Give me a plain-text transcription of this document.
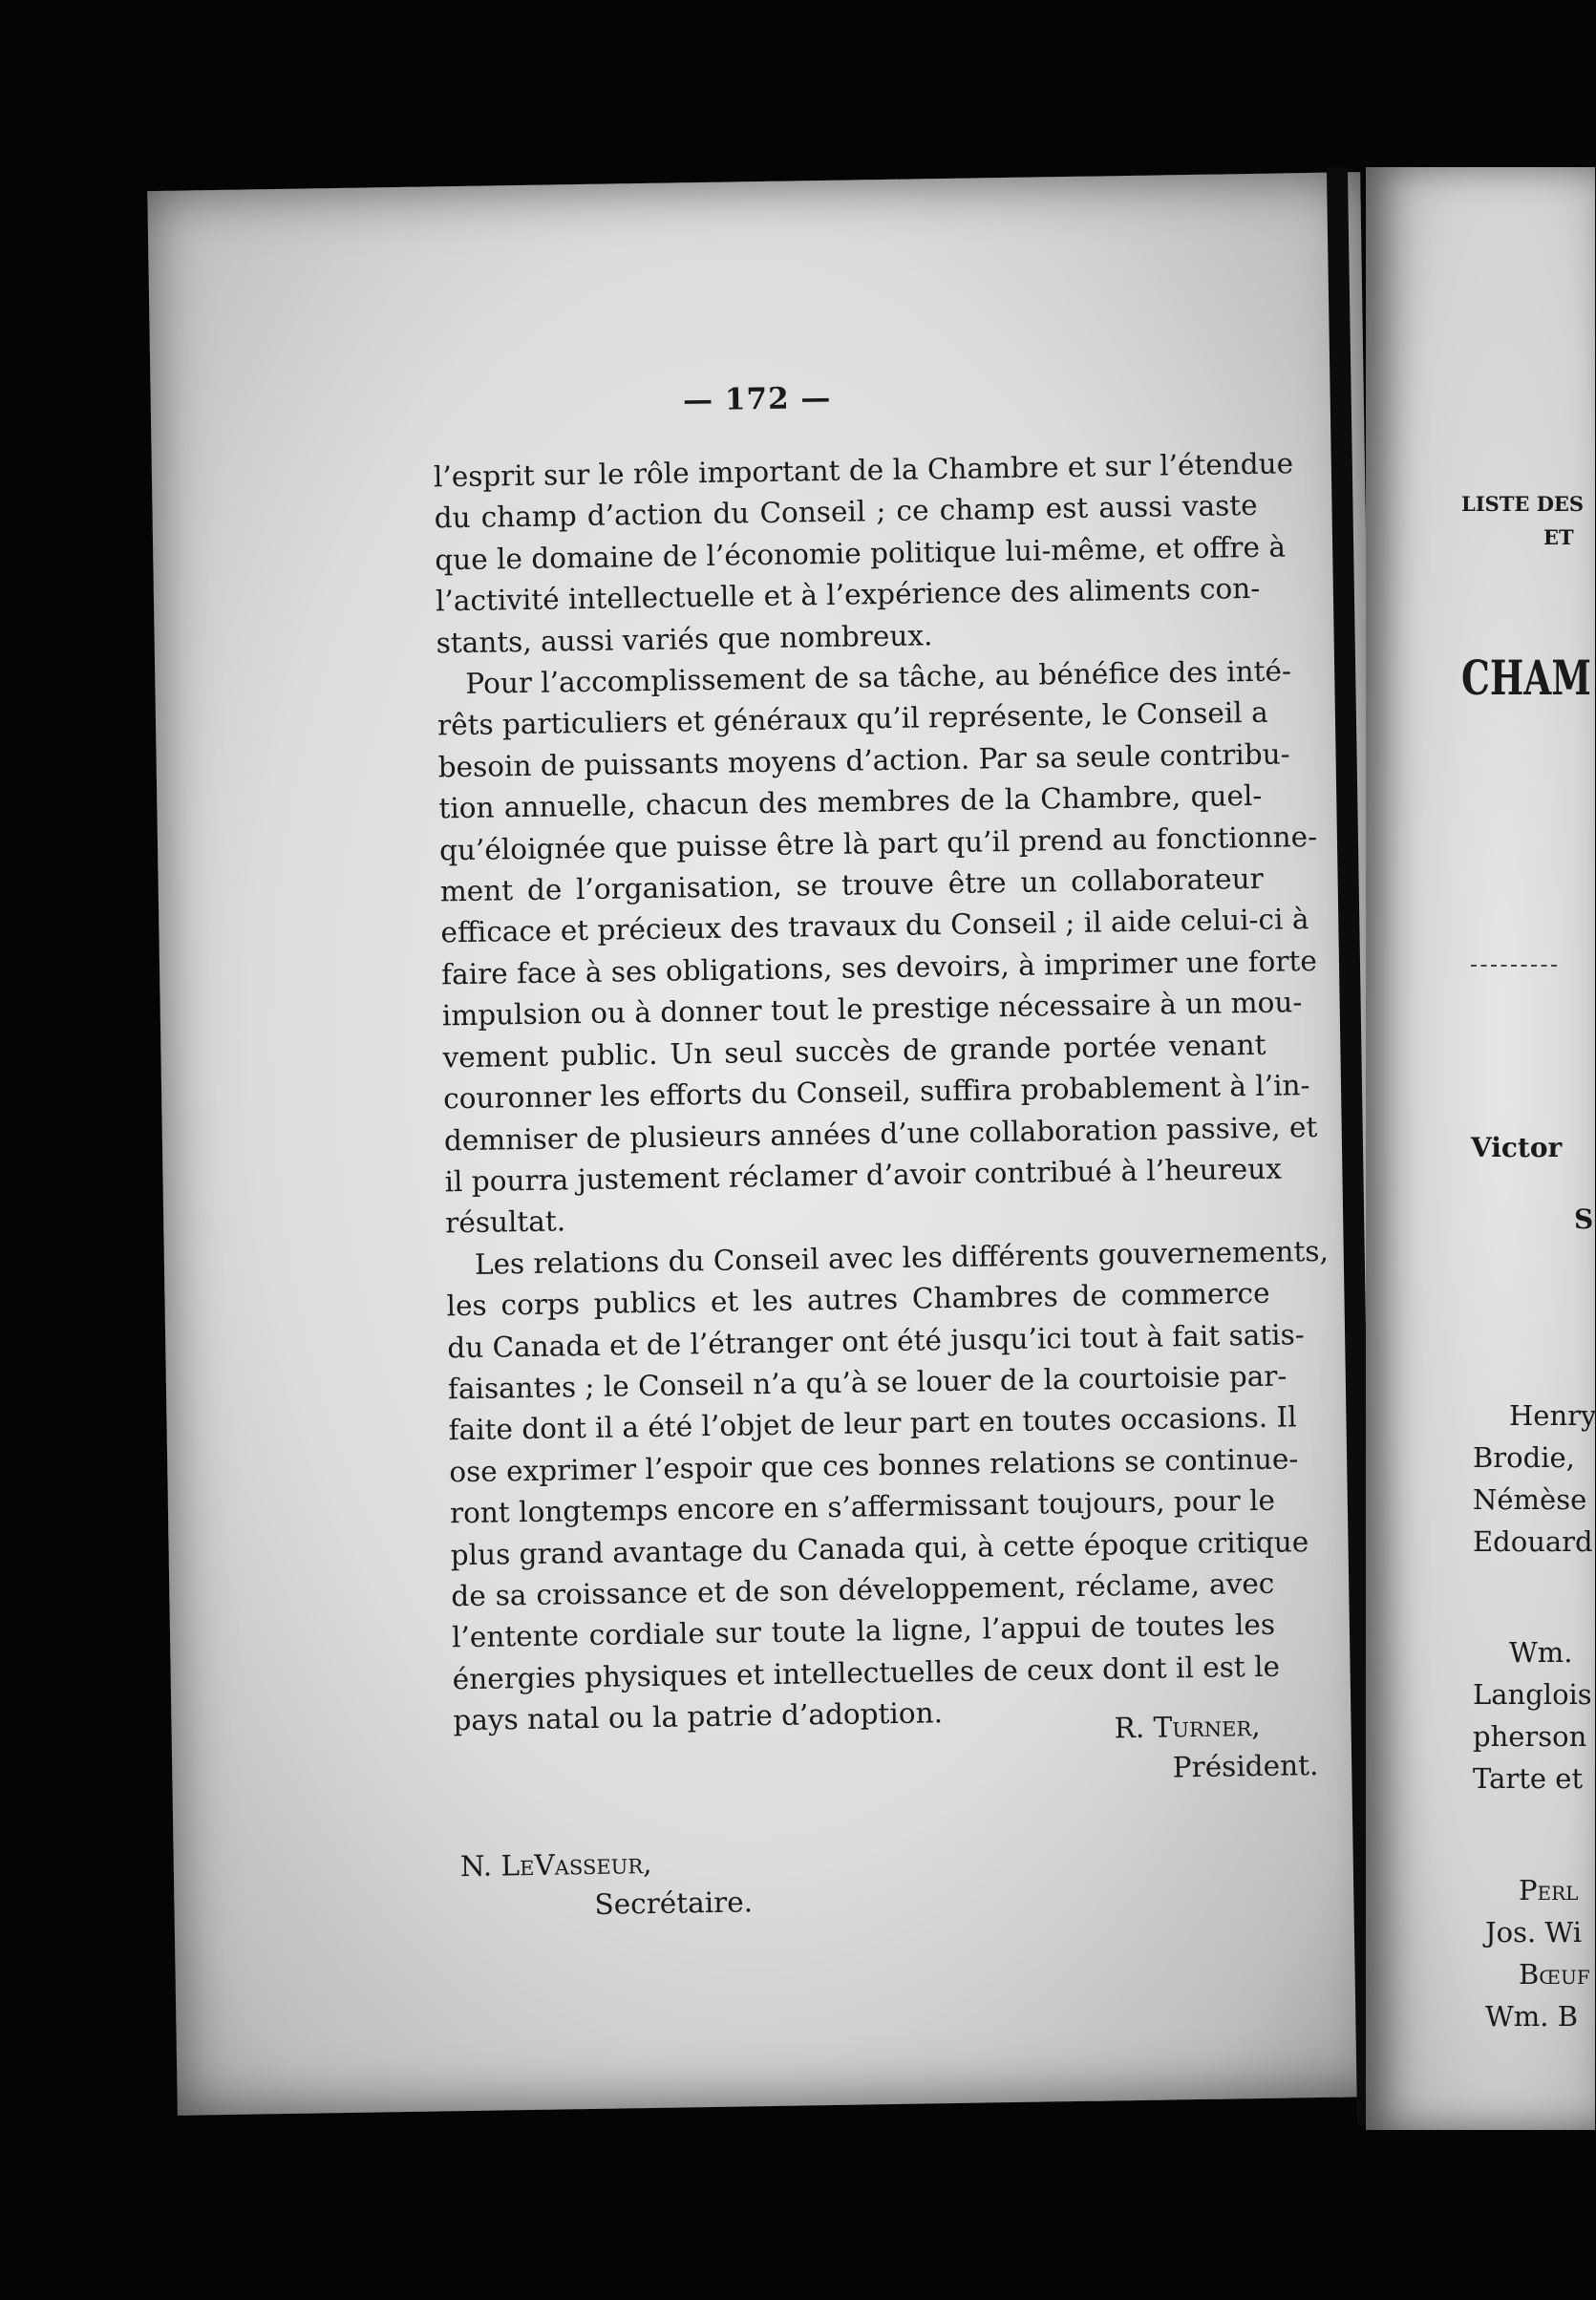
— 172 —
l’esprit sur le rôle important de la Chambre et sur l’étendue
du champ d’action du Conseil ; ce champ est aussi vaste
que le domaine de l’économie politique lui-même, et offre à
l’activité intellectuelle et à l’expérience des aliments con-
stants, aussi variés que nombreux.
Pour l’accomplissement de sa tâche, au bénéfice des inté-
rêts particuliers et généraux qu’il représente, le Conseil a
besoin de puissants moyens d’action. Par sa seule contribu-
tion annuelle, chacun des membres de la Chambre, quel-
qu’éloignée que puisse être là part qu’il prend au fonctionne-
ment de l’organisation, se trouve être un collaborateur
efficace et précieux des travaux du Conseil ; il aide celui-ci à
faire face à ses obligations, ses devoirs, à imprimer une forte
impulsion ou à donner tout le prestige nécessaire à un mou-
vement public. Un seul succès de grande portée venant
couronner les efforts du Conseil, suffira probablement à l’in-
demniser de plusieurs années d’une collaboration passive, et
il pourra justement réclamer d’avoir contribué à l’heureux
résultat.
Les relations du Conseil avec les différents gouvernements,
les corps publics et les autres Chambres de commerce
du Canada et de l’étranger ont été jusqu’ici tout à fait satis-
faisantes ; le Conseil n’a qu’à se louer de la courtoisie par-
faite dont il a été l’objet de leur part en toutes occasions. Il
ose exprimer l’espoir que ces bonnes relations se continue-
ront longtemps encore en s’affermissant toujours, pour le
plus grand avantage du Canada qui, à cette époque critique
de sa croissance et de son développement, réclame, avec
l’entente cordiale sur toute la ligne, l’appui de toutes les
énergies physiques et intellectuelles de ceux dont il est le
pays natal ou la patrie d’adoption.	R. Turner,
Président.
N. LeVasseur,
Secrétaire.
LISTE DES
ET
CHAM
Victor
S
Henry
Brodie,
Némèse
Edouard
Wm.
Langlois
pherson
Tarte et
Perl
Jos. Wi
Bœuf
Wm. B
